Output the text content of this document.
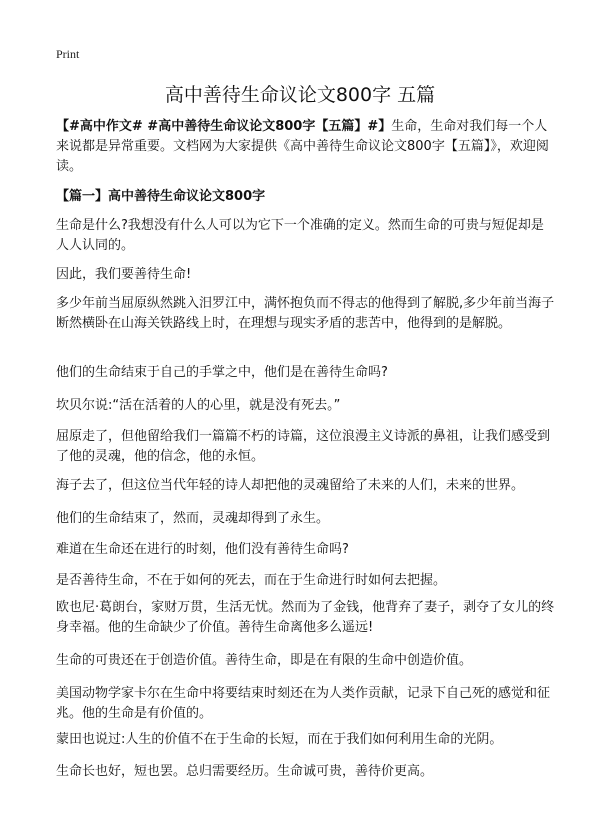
Print
高中善待生命议论文800字 五篇
【#高中作文# #高中善待生命议论文800字【五篇】#】生命，生命对我们每一个人来说都是异常重要。文档网为大家提供《高中善待生命议论文800字【五篇】》，欢迎阅读。
【篇一】高中善待生命议论文800字

生命是什么?我想没有什么人可以为它下一个准确的定义。然而生命的可贵与短促却是人人认同的。

因此，我们要善待生命!

多少年前当屈原纵然跳入汨罗江中，满怀抱负而不得志的他得到了解脱,多少年前当海子断然横卧在山海关铁路线上时，在理想与现实矛盾的悲苦中，他得到的是解脱。

他们的生命结束于自己的手掌之中，他们是在善待生命吗?

坎贝尔说:“活在活着的人的心里，就是没有死去。”

屈原走了，但他留给我们一篇篇不朽的诗篇，这位浪漫主义诗派的鼻祖，让我们感受到了他的灵魂，他的信念，他的永恒。

海子去了，但这位当代年轻的诗人却把他的灵魂留给了未来的人们，未来的世界。

他们的生命结束了，然而，灵魂却得到了永生。

难道在生命还在进行的时刻，他们没有善待生命吗?

是否善待生命，不在于如何的死去，而在于生命进行时如何去把握。

欧也尼·葛朗台，家财万贯，生活无忧。然而为了金钱，他背弃了妻子，剥夺了女儿的终身幸福。他的生命缺少了价值。善待生命离他多么遥远!

生命的可贵还在于创造价值。善待生命，即是在有限的生命中创造价值。

美国动物学家卡尔在生命中将要结束时刻还在为人类作贡献，记录下自己死的感觉和征兆。他的生命是有价值的。

蒙田也说过:人生的价值不在于生命的长短，而在于我们如何利用生命的光阴。

生命长也好，短也罢。总归需要经历。生命诚可贵，善待价更高。
